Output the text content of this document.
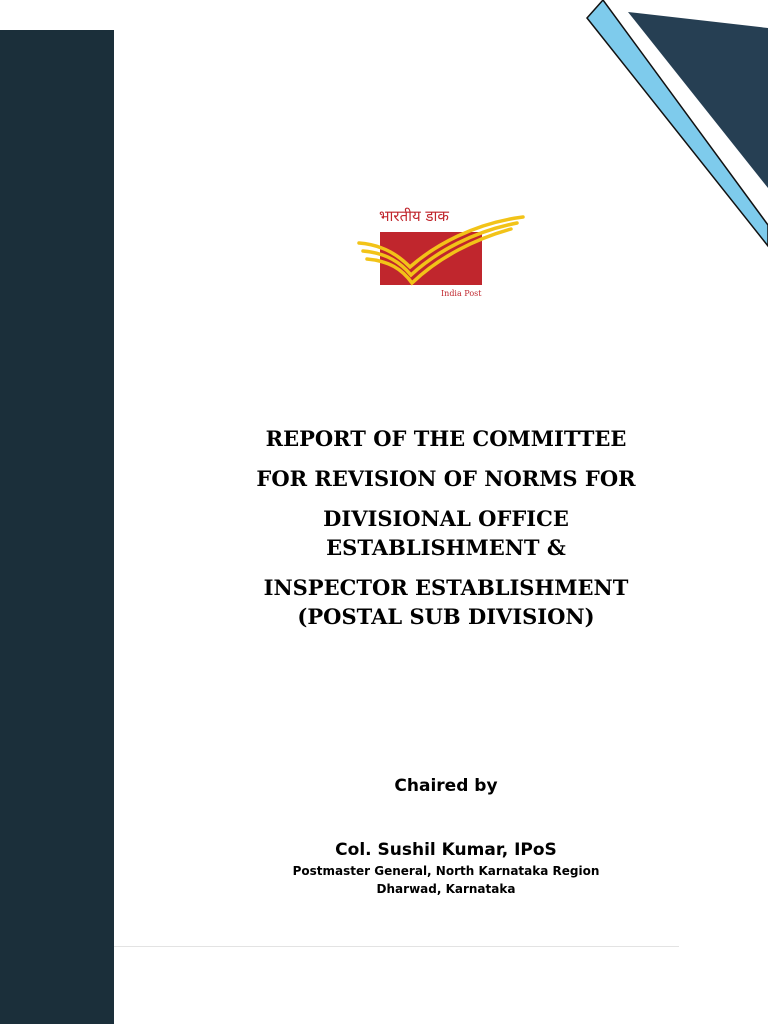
भारतीय डाक
India Post
REPORT OF THE COMMITTEE
FOR REVISION OF NORMS FOR
DIVISIONAL OFFICE
ESTABLISHMENT &
INSPECTOR ESTABLISHMENT
(POSTAL SUB DIVISION)
Chaired by
Col. Sushil Kumar, IPoS
Postmaster General, North Karnataka Region
Dharwad, Karnataka
